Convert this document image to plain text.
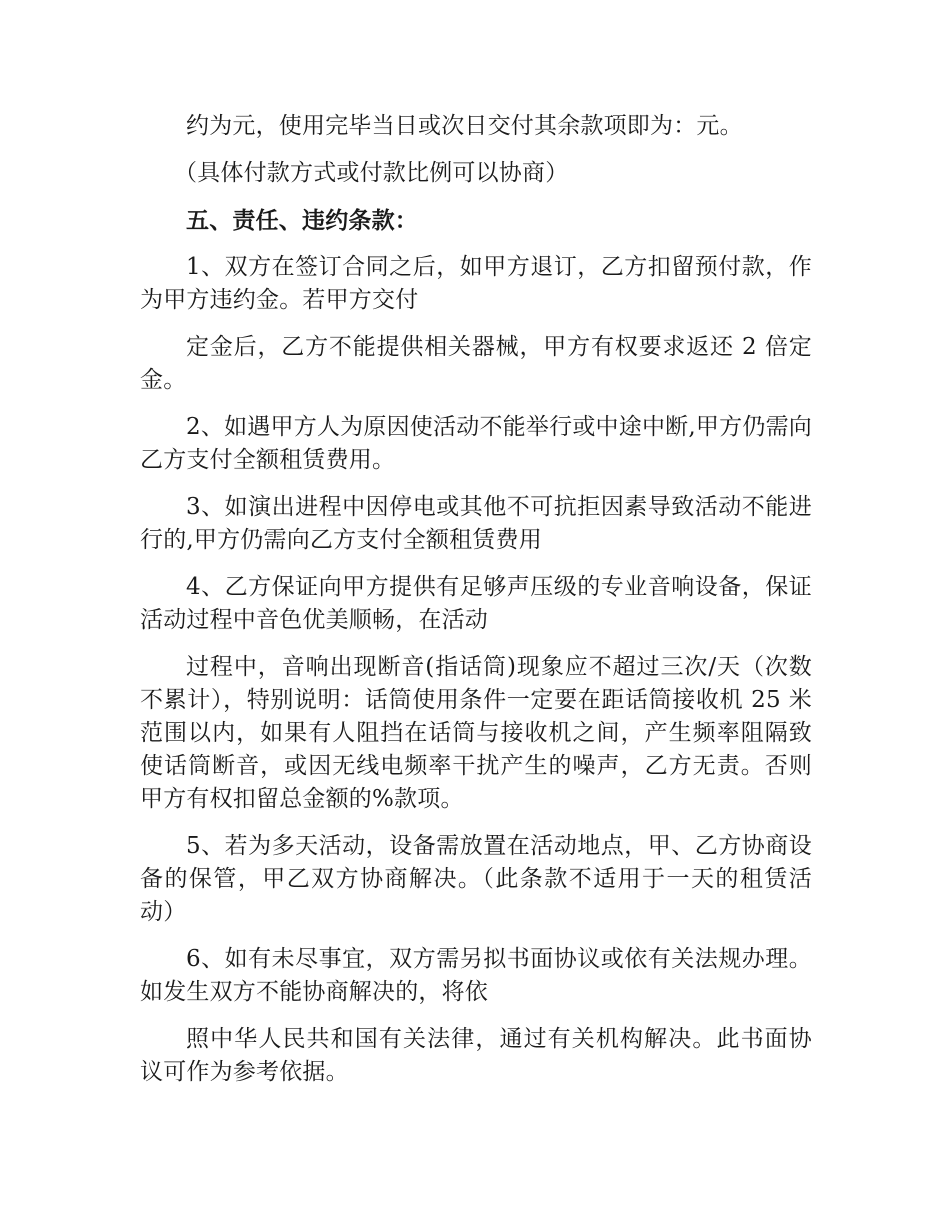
约为元，使用完毕当日或次日交付其余款项即为：元。

（具体付款方式或付款比例可以协商）

五、责任、违约条款：

1、双方在签订合同之后，如甲方退订，乙方扣留预付款，作为甲方违约金。若甲方交付

定金后，乙方不能提供相关器械，甲方有权要求返还 2 倍定金。

2、如遇甲方人为原因使活动不能举行或中途中断,甲方仍需向乙方支付全额租赁费用。

3、如演出进程中因停电或其他不可抗拒因素导致活动不能进行的,甲方仍需向乙方支付全额租赁费用

4、乙方保证向甲方提供有足够声压级的专业音响设备，保证活动过程中音色优美顺畅，在活动

过程中，音响出现断音(指话筒)现象应不超过三次/天（次数不累计），特别说明：话筒使用条件一定要在距话筒接收机 25 米范围以内，如果有人阻挡在话筒与接收机之间，产生频率阻隔致使话筒断音，或因无线电频率干扰产生的噪声，乙方无责。否则甲方有权扣留总金额的%款项。

5、若为多天活动，设备需放置在活动地点，甲、乙方协商设备的保管，甲乙双方协商解决。（此条款不适用于一天的租赁活动）

6、如有未尽事宜，双方需另拟书面协议或依有关法规办理。如发生双方不能协商解决的，将依

照中华人民共和国有关法律，通过有关机构解决。此书面协议可作为参考依据。
